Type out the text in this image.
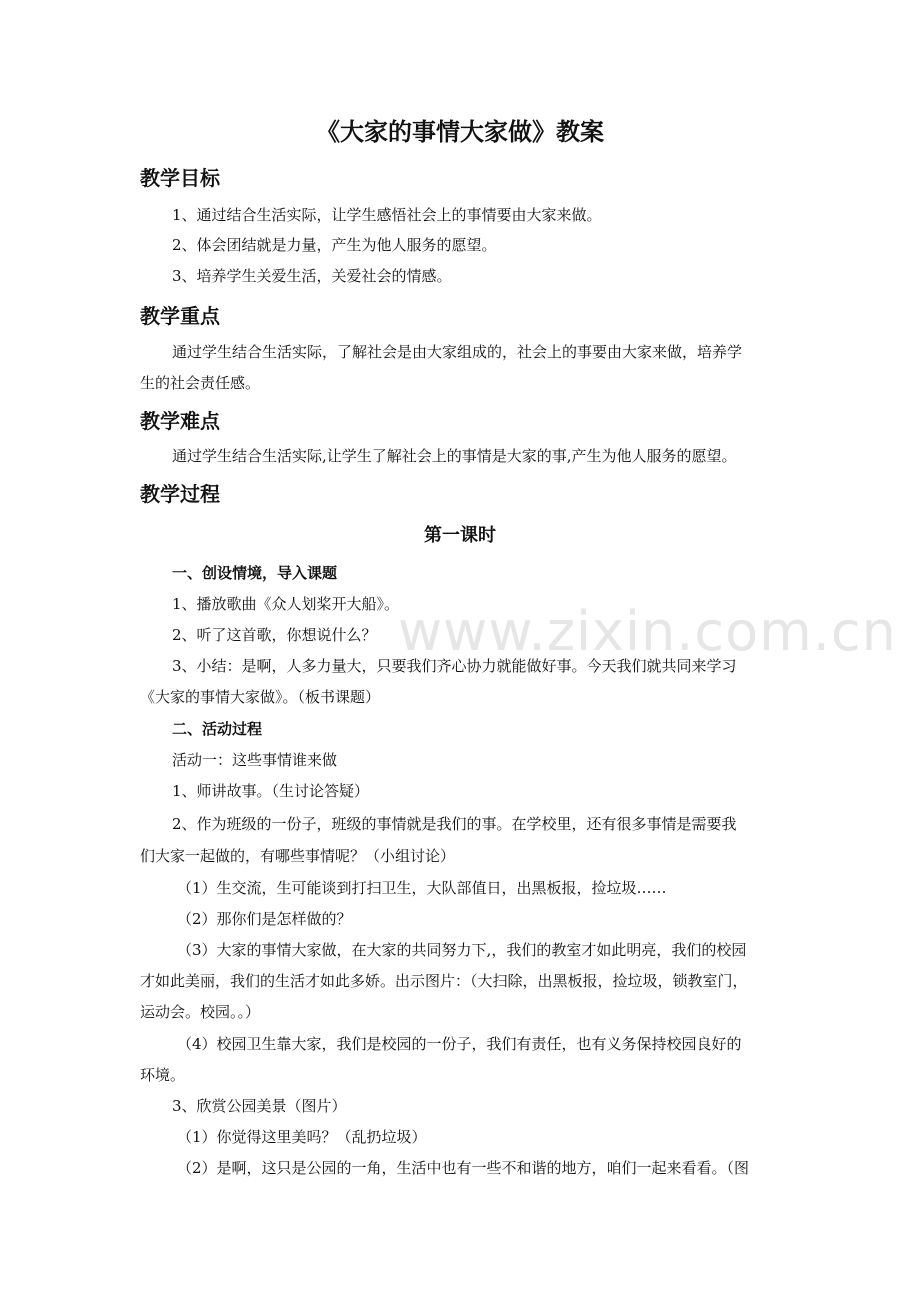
www.zixin.com.cn
《大家的事情大家做》教案
教学目标
1、通过结合生活实际，让学生感悟社会上的事情要由大家来做。
2、体会团结就是力量，产生为他人服务的愿望。
3、培养学生关爱生活，关爱社会的情感。
教学重点
通过学生结合生活实际，了解社会是由大家组成的，社会上的事要由大家来做，培养学
生的社会责任感。
教学难点
通过学生结合生活实际,让学生了解社会上的事情是大家的事,产生为他人服务的愿望。
教学过程
第一课时
一、创设情境，导入课题
1、播放歌曲《众人划桨开大船》。
2、听了这首歌，你想说什么？
3、小结：是啊，人多力量大，只要我们齐心协力就能做好事。今天我们就共同来学习
《大家的事情大家做》。（板书课题）
二、活动过程
活动一：这些事情谁来做
1、师讲故事。（生讨论答疑）
2、作为班级的一份子，班级的事情就是我们的事。在学校里，还有很多事情是需要我
们大家一起做的，有哪些事情呢？（小组讨论）
（1）生交流，生可能谈到打扫卫生，大队部值日，出黑板报，捡垃圾……
（2）那你们是怎样做的？
（3）大家的事情大家做，在大家的共同努力下,，我们的教室才如此明亮，我们的校园
才如此美丽，我们的生活才如此多娇。出示图片：（大扫除，出黑板报，捡垃圾，锁教室门，
运动会。校园。。）
（4）校园卫生靠大家，我们是校园的一份子，我们有责任，也有义务保持校园良好的
环境。
3、欣赏公园美景（图片）
（1）你觉得这里美吗？（乱扔垃圾）
（2）是啊，这只是公园的一角，生活中也有一些不和谐的地方，咱们一起来看看。（图
